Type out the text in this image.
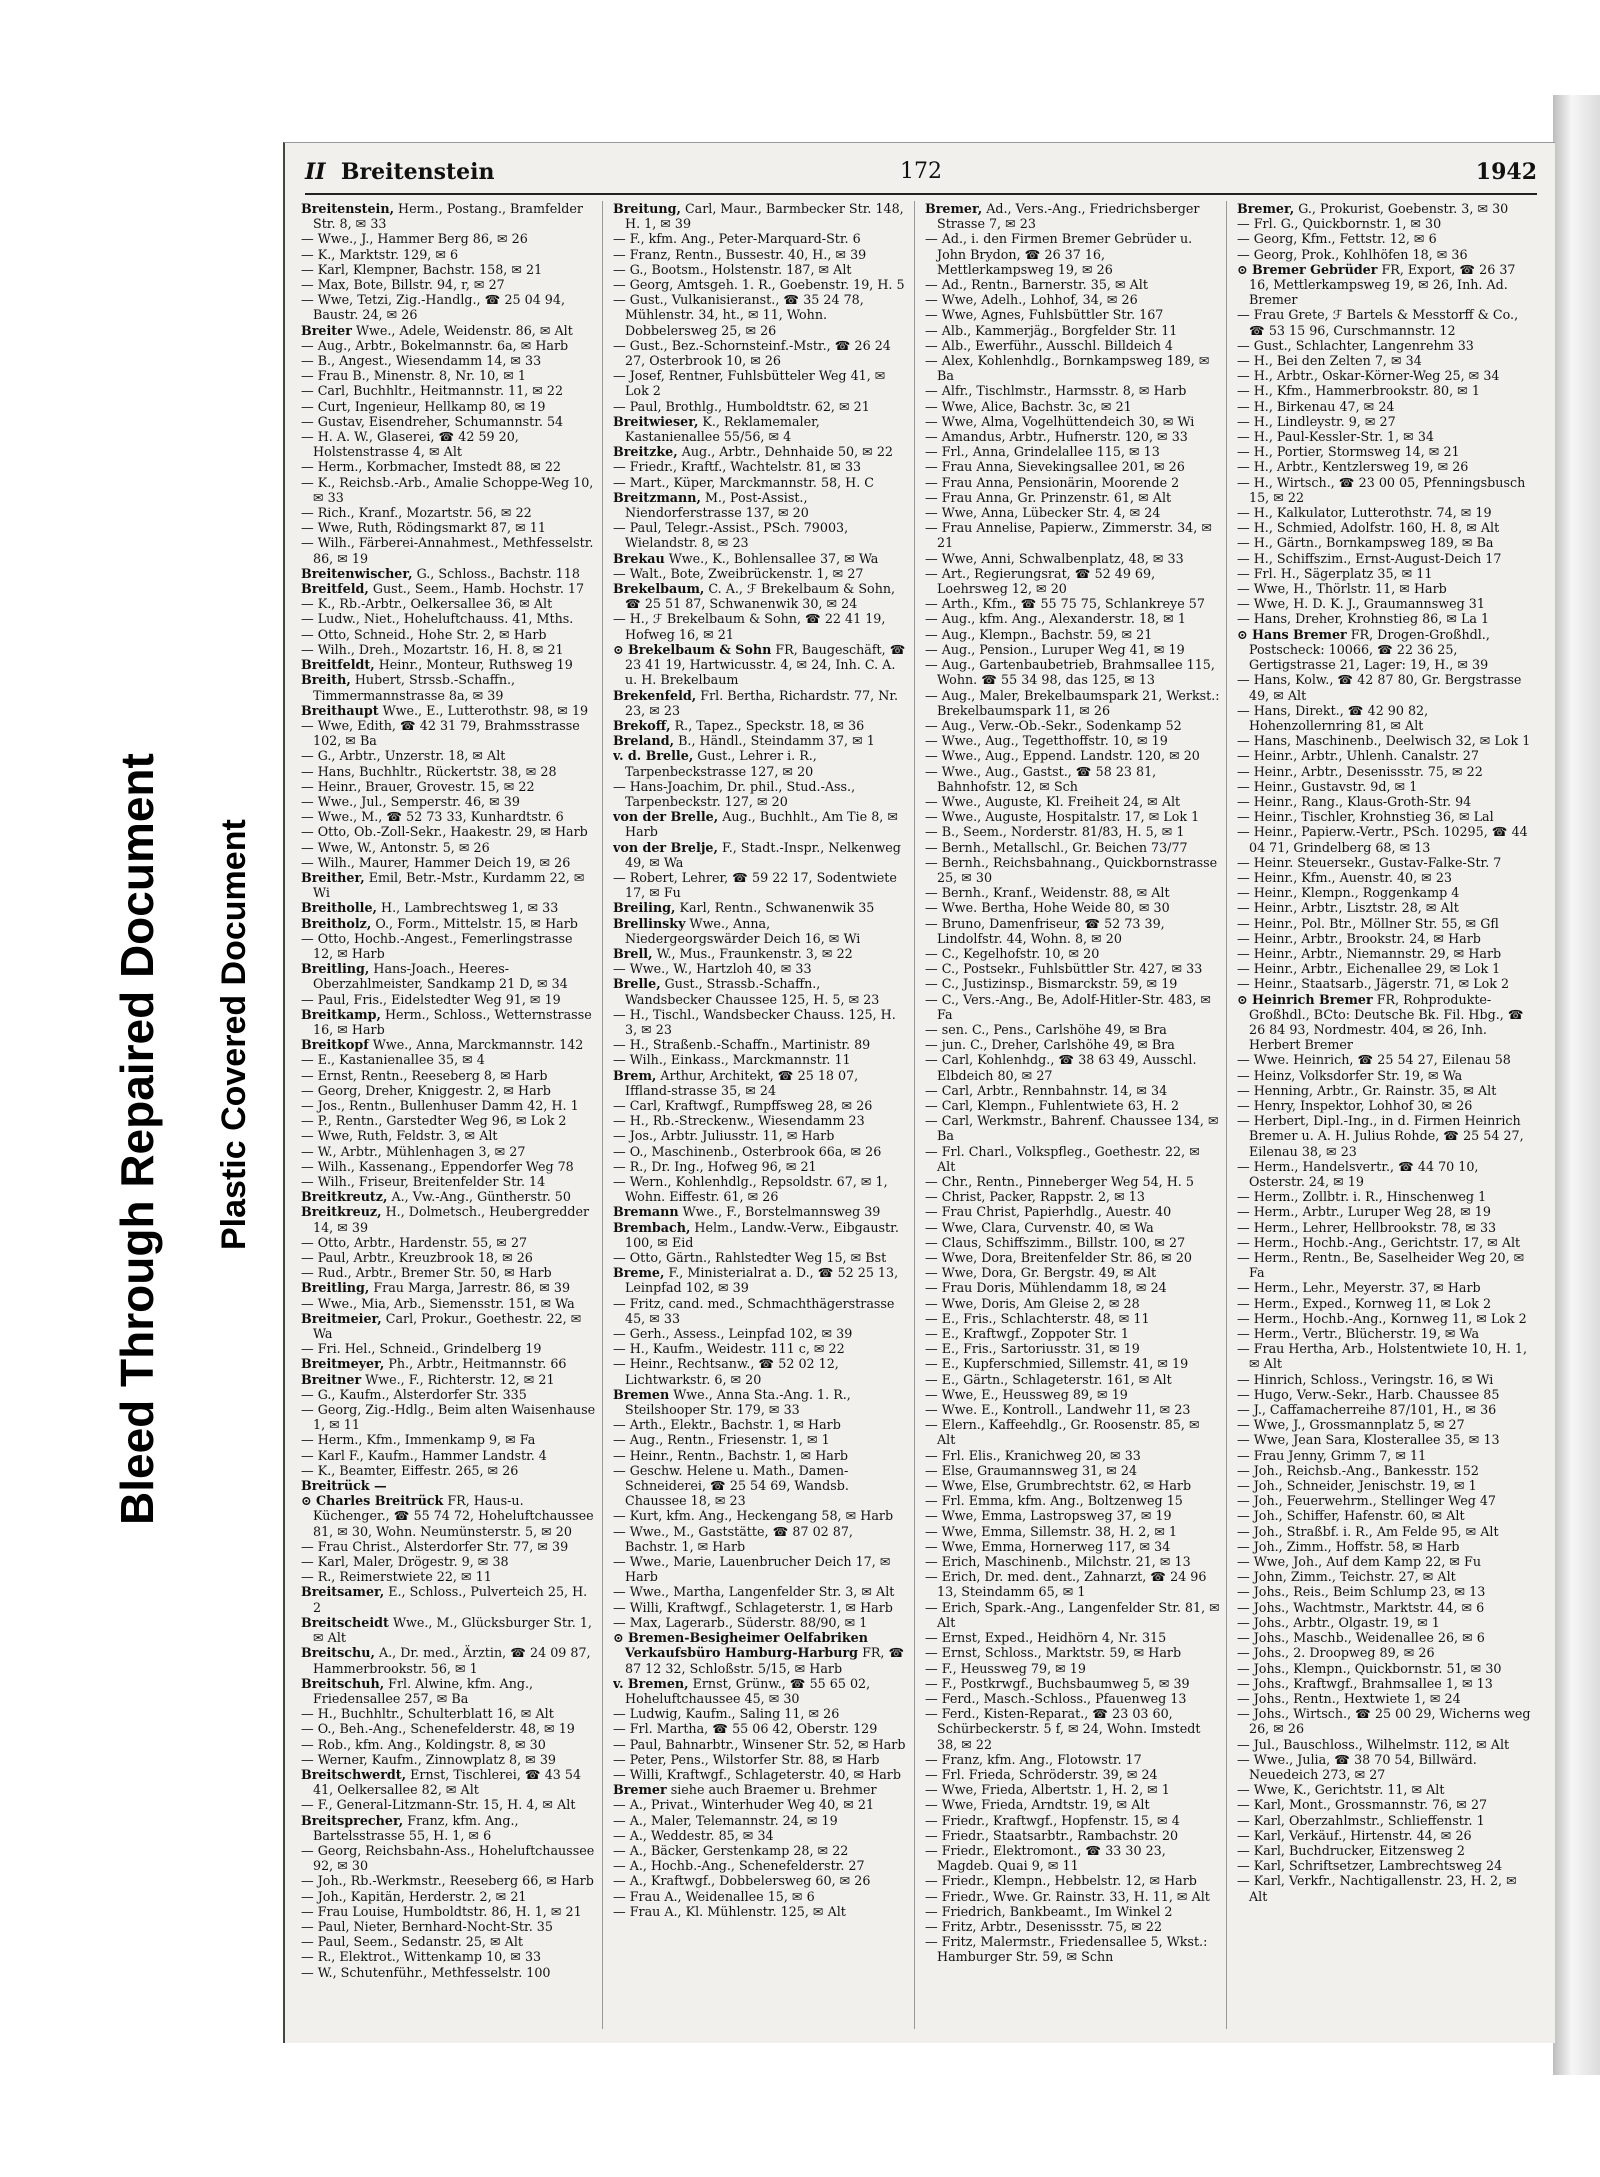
Bleed Through Repaired Document Plastic Covered Document
II Breitenstein	172	1942

Breitenstein, Herm., Postang., Bramfelder Str. 8, ✉ 33

— Wwe., J., Hammer Berg 86, ✉ 26

— K., Marktstr. 129, ✉ 6

— Karl, Klempner, Bachstr. 158, ✉ 21

— Max, Bote, Billstr. 94, r, ✉ 27

— Wwe, Tetzi, Zig.-Handlg., ☎ 25 04 94, Baustr. 24, ✉ 26

Breiter Wwe., Adele, Weidenstr. 86, ✉ Alt

— Aug., Arbtr., Bokelmannstr. 6a, ✉ Harb

— B., Angest., Wiesendamm 14, ✉ 33

— Frau B., Minenstr. 8, Nr. 10, ✉ 1

— Carl, Buchhltr., Heitmannstr. 11, ✉ 22

— Curt, Ingenieur, Hellkamp 80, ✉ 19

— Gustav, Eisendreher, Schumannstr. 54

— H. A. W., Glaserei, ☎ 42 59 20, Holstenstrasse 4, ✉ Alt

— Herm., Korbmacher, Imstedt 88, ✉ 22

— K., Reichsb.-Arb., Amalie Schoppe-Weg 10, ✉ 33

— Rich., Kranf., Mozartstr. 56, ✉ 22

— Wwe, Ruth, Rödingsmarkt 87, ✉ 11

— Wilh., Färberei-Annahmest., Methfesselstr. 86, ✉ 19

Breitenwischer, G., Schloss., Bachstr. 118

Breitfeld, Gust., Seem., Hamb. Hochstr. 17

— K., Rb.-Arbtr., Oelkersallee 36, ✉ Alt

— Ludw., Niet., Hoheluftchauss. 41, Mths.

— Otto, Schneid., Hohe Str. 2, ✉ Harb

— Wilh., Dreh., Mozartstr. 16, H. 8, ✉ 21

Breitfeldt, Heinr., Monteur, Ruthsweg 19

Breith, Hubert, Strssb.-Schaffn., Timmermannstrasse 8a, ✉ 39

Breithaupt Wwe., E., Lutterothstr. 98, ✉ 19

— Wwe, Edith, ☎ 42 31 79, Brahmsstrasse 102, ✉ Ba

— G., Arbtr., Unzerstr. 18, ✉ Alt

— Hans, Buchhltr., Rückertstr. 38, ✉ 28

— Heinr., Brauer, Grovestr. 15, ✉ 22

— Wwe., Jul., Semperstr. 46, ✉ 39

— Wwe., M., ☎ 52 73 33, Kunhardtstr. 6

— Otto, Ob.-Zoll-Sekr., Haakestr. 29, ✉ Harb

— Wwe, W., Antonstr. 5, ✉ 26

— Wilh., Maurer, Hammer Deich 19, ✉ 26

Breither, Emil, Betr.-Mstr., Kurdamm 22, ✉ Wi

Breitholle, H., Lambrechtsweg 1, ✉ 33

Breitholz, O., Form., Mittelstr. 15, ✉ Harb

— Otto, Hochb.-Angest., Femerlingstrasse 12, ✉ Harb

Breitling, Hans-Joach., Heeres-Oberzahlmeister, Sandkamp 21 D, ✉ 34

— Paul, Fris., Eidelstedter Weg 91, ✉ 19

Breitkamp, Herm., Schloss., Wetternstrasse 16, ✉ Harb

Breitkopf Wwe., Anna, Marckmannstr. 142

— E., Kastanienallee 35, ✉ 4

— Ernst, Rentn., Reeseberg 8, ✉ Harb

— Georg, Dreher, Kniggestr. 2, ✉ Harb

— Jos., Rentn., Bullenhuser Damm 42, H. 1

— P., Rentn., Garstedter Weg 96, ✉ Lok 2

— Wwe, Ruth, Feldstr. 3, ✉ Alt

— W., Arbtr., Mühlenhagen 3, ✉ 27

— Wilh., Kassenang., Eppendorfer Weg 78

— Wilh., Friseur, Breitenfelder Str. 14

Breitkreutz, A., Vw.-Ang., Güntherstr. 50

Breitkreuz, H., Dolmetsch., Heubergredder 14, ✉ 39

— Otto, Arbtr., Hardenstr. 55, ✉ 27

— Paul, Arbtr., Kreuzbrook 18, ✉ 26

— Rud., Arbtr., Bremer Str. 50, ✉ Harb

Breitling, Frau Marga, Jarrestr. 86, ✉ 39

— Wwe., Mia, Arb., Siemensstr. 151, ✉ Wa

Breitmeier, Carl, Prokur., Goethestr. 22, ✉ Wa

— Fri. Hel., Schneid., Grindelberg 19

Breitmeyer, Ph., Arbtr., Heitmannstr. 66

Breitner Wwe., F., Richterstr. 12, ✉ 21

— G., Kaufm., Alsterdorfer Str. 335

— Georg, Zig.-Hdlg., Beim alten Waisenhause 1, ✉ 11

— Herm., Kfm., Immenkamp 9, ✉ Fa

— Karl F., Kaufm., Hammer Landstr. 4

— K., Beamter, Eiffestr. 265, ✉ 26

Breitrück —

⊙ Charles Breitrück FR, Haus-u. Küchenger., ☎ 55 74 72, Hoheluftchaussee 81, ✉ 30, Wohn. Neumünsterstr. 5, ✉ 20

— Frau Christ., Alsterdorfer Str. 77, ✉ 39

— Karl, Maler, Drögestr. 9, ✉ 38

— R., Reimerstwiete 22, ✉ 11

Breitsamer, E., Schloss., Pulverteich 25, H. 2

Breitscheidt Wwe., M., Glücksburger Str. 1, ✉ Alt

Breitschu, A., Dr. med., Ärztin, ☎ 24 09 87, Hammerbrookstr. 56, ✉ 1

Breitschuh, Frl. Alwine, kfm. Ang., Friedensallee 257, ✉ Ba

— H., Buchhltr., Schulterblatt 16, ✉ Alt

— O., Beh.-Ang., Schenefelderstr. 48, ✉ 19

— Rob., kfm. Ang., Koldingstr. 8, ✉ 30

— Werner, Kaufm., Zinnowplatz 8, ✉ 39

Breitschwerdt, Ernst, Tischlerei, ☎ 43 54 41, Oelkersallee 82, ✉ Alt

— F., General-Litzmann-Str. 15, H. 4, ✉ Alt

Breitsprecher, Franz, kfm. Ang., Bartelsstrasse 55, H. 1, ✉ 6

— Georg, Reichsbahn-Ass., Hoheluftchaussee 92, ✉ 30

— Joh., Rb.-Werkmstr., Reeseberg 66, ✉ Harb

— Joh., Kapitän, Herderstr. 2, ✉ 21

— Frau Louise, Humboldtstr. 86, H. 1, ✉ 21

— Paul, Nieter, Bernhard-Nocht-Str. 35

— Paul, Seem., Sedanstr. 25, ✉ Alt

— R., Elektrot., Wittenkamp 10, ✉ 33

— W., Schutenführ., Methfesselstr. 100

Breitung, Carl, Maur., Barmbecker Str. 148, H. 1, ✉ 39

— F., kfm. Ang., Peter-Marquard-Str. 6

— Franz, Rentn., Bussestr. 40, H., ✉ 39

— G., Bootsm., Holstenstr. 187, ✉ Alt

— Georg, Amtsgeh. 1. R., Goebenstr. 19, H. 5

— Gust., Vulkanisieranst., ☎ 35 24 78, Mühlenstr. 34, ht., ✉ 11, Wohn. Dobbelersweg 25, ✉ 26

— Gust., Bez.-Schornsteinf.-Mstr., ☎ 26 24 27, Osterbrook 10, ✉ 26

— Josef, Rentner, Fuhlsbütteler Weg 41, ✉ Lok 2

— Paul, Brothlg., Humboldtstr. 62, ✉ 21

Breitwieser, K., Reklamemaler, Kastanienallee 55/56, ✉ 4

Breitzke, Aug., Arbtr., Dehnhaide 50, ✉ 22

— Friedr., Kraftf., Wachtelstr. 81, ✉ 33

— Mart., Küper, Marckmannstr. 58, H. C

Breitzmann, M., Post-Assist., Niendorferstrasse 137, ✉ 20

— Paul, Telegr.-Assist., PSch. 79003, Wielandstr. 8, ✉ 23

Brekau Wwe., K., Bohlensallee 37, ✉ Wa

— Walt., Bote, Zweibrückenstr. 1, ✉ 27

Brekelbaum, C. A., ℱ Brekelbaum & Sohn, ☎ 25 51 87, Schwanenwik 30, ✉ 24

— H., ℱ Brekelbaum & Sohn, ☎ 22 41 19, Hofweg 16, ✉ 21

⊙ Brekelbaum & Sohn FR, Baugeschäft, ☎ 23 41 19, Hartwicusstr. 4, ✉ 24, Inh. C. A. u. H. Brekelbaum

Brekenfeld, Frl. Bertha, Richardstr. 77, Nr. 23, ✉ 23

Brekoff, R., Tapez., Speckstr. 18, ✉ 36

Breland, B., Händl., Steindamm 37, ✉ 1

v. d. Brelle, Gust., Lehrer i. R., Tarpenbeckstrasse 127, ✉ 20

— Hans-Joachim, Dr. phil., Stud.-Ass., Tarpenbeckstr. 127, ✉ 20

von der Brelle, Aug., Buchhlt., Am Tie 8, ✉ Harb

von der Brelje, F., Stadt.-Inspr., Nelkenweg 49, ✉ Wa

— Robert, Lehrer, ☎ 59 22 17, Sodentwiete 17, ✉ Fu

Breiling, Karl, Rentn., Schwanenwik 35

Brellinsky Wwe., Anna, Niedergeorgswärder Deich 16, ✉ Wi

Brell, W., Mus., Fraunkenstr. 3, ✉ 22

— Wwe., W., Hartzloh 40, ✉ 33

Brelle, Gust., Strassb.-Schaffn., Wandsbecker Chaussee 125, H. 5, ✉ 23

— H., Tischl., Wandsbecker Chauss. 125, H. 3, ✉ 23

— H., Straßenb.-Schaffn., Martinistr. 89

— Wilh., Einkass., Marckmannstr. 11

Brem, Arthur, Architekt, ☎ 25 18 07, Iffland-strasse 35, ✉ 24

— Carl, Kraftwgf., Rumpffsweg 28, ✉ 26

— H., Rb.-Streckenw., Wiesendamm 23

— Jos., Arbtr. Juliusstr. 11, ✉ Harb

— O., Maschinenb., Osterbrook 66a, ✉ 26

— R., Dr. Ing., Hofweg 96, ✉ 21

— Wern., Kohlenhdlg., Repsoldstr. 67, ✉ 1, Wohn. Eiffestr. 61, ✉ 26

Bremann Wwe., F., Borstelmannsweg 39

Brembach, Helm., Landw.-Verw., Eibgaustr. 100, ✉ Eid

— Otto, Gärtn., Rahlstedter Weg 15, ✉ Bst

Breme, F., Ministerialrat a. D., ☎ 52 25 13, Leinpfad 102, ✉ 39

— Fritz, cand. med., Schmachthägerstrasse 45, ✉ 33

— Gerh., Assess., Leinpfad 102, ✉ 39

— H., Kaufm., Weidestr. 111 c, ✉ 22

— Heinr., Rechtsanw., ☎ 52 02 12, Lichtwarkstr. 6, ✉ 20

Bremen Wwe., Anna Sta.-Ang. 1. R., Steilshooper Str. 179, ✉ 33

— Arth., Elektr., Bachstr. 1, ✉ Harb

— Aug., Rentn., Friesenstr. 1, ✉ 1

— Heinr., Rentn., Bachstr. 1, ✉ Harb

— Geschw. Helene u. Math., Damen-Schneiderei, ☎ 25 54 69, Wandsb. Chaussee 18, ✉ 23

— Kurt, kfm. Ang., Heckengang 58, ✉ Harb

— Wwe., M., Gaststätte, ☎ 87 02 87, Bachstr. 1, ✉ Harb

— Wwe., Marie, Lauenbrucher Deich 17, ✉ Harb

— Wwe., Martha, Langenfelder Str. 3, ✉ Alt

— Willi, Kraftwgf., Schlageterstr. 1, ✉ Harb

— Max, Lagerarb., Süderstr. 88/90, ✉ 1

⊙ Bremen-Besigheimer Oelfabriken Verkaufsbüro Hamburg-Harburg FR, ☎ 87 12 32, Schloßstr. 5/15, ✉ Harb

v. Bremen, Ernst, Grünw., ☎ 55 65 02, Hoheluftchaussee 45, ✉ 30

— Ludwig, Kaufm., Saling 11, ✉ 26

— Frl. Martha, ☎ 55 06 42, Oberstr. 129

— Paul, Bahnarbtr., Winsener Str. 52, ✉ Harb

— Peter, Pens., Wilstorfer Str. 88, ✉ Harb

— Willi, Kraftwgf., Schlageterstr. 40, ✉ Harb

Bremer siehe auch Braemer u. Brehmer

— A., Privat., Winterhuder Weg 40, ✉ 21

— A., Maler, Telemannstr. 24, ✉ 19

— A., Weddestr. 85, ✉ 34

— A., Bäcker, Gerstenkamp 28, ✉ 22

— A., Hochb.-Ang., Schenefelderstr. 27

— A., Kraftwgf., Dobbelersweg 60, ✉ 26

— Frau A., Weidenallee 15, ✉ 6

— Frau A., Kl. Mühlenstr. 125, ✉ Alt

Bremer, Ad., Vers.-Ang., Friedrichsberger Strasse 7, ✉ 23

— Ad., i. den Firmen Bremer Gebrüder u. John Brydon, ☎ 26 37 16, Mettlerkampsweg 19, ✉ 26

— Ad., Rentn., Barnerstr. 35, ✉ Alt

— Wwe, Adelh., Lohhof, 34, ✉ 26

— Wwe, Agnes, Fuhlsbüttler Str. 167

— Alb., Kammerjäg., Borgfelder Str. 11

— Alb., Ewerführ., Ausschl. Billdeich 4

— Alex, Kohlenhdlg., Bornkampsweg 189, ✉ Ba

— Alfr., Tischlmstr., Harmsstr. 8, ✉ Harb

— Wwe, Alice, Bachstr. 3c, ✉ 21

— Wwe, Alma, Vogelhüttendeich 30, ✉ Wi

— Amandus, Arbtr., Hufnerstr. 120, ✉ 33

— Frl., Anna, Grindelallee 115, ✉ 13

— Frau Anna, Sievekingsallee 201, ✉ 26

— Frau Anna, Pensionärin, Moorende 2

— Frau Anna, Gr. Prinzenstr. 61, ✉ Alt

— Wwe, Anna, Lübecker Str. 4, ✉ 24

— Frau Annelise, Papierw., Zimmerstr. 34, ✉ 21

— Wwe, Anni, Schwalbenplatz, 48, ✉ 33

— Art., Regierungsrat, ☎ 52 49 69, Loehrsweg 12, ✉ 20

— Arth., Kfm., ☎ 55 75 75, Schlankreye 57

— Aug., kfm. Ang., Alexanderstr. 18, ✉ 1

— Aug., Klempn., Bachstr. 59, ✉ 21

— Aug., Pension., Luruper Weg 41, ✉ 19

— Aug., Gartenbaubetrieb, Brahmsallee 115, Wohn. ☎ 55 34 98, das 125, ✉ 13

— Aug., Maler, Brekelbaumspark 21, Werkst.: Brekelbaumspark 11, ✉ 26

— Aug., Verw.-Ob.-Sekr., Sodenkamp 52

— Wwe., Aug., Tegetthoffstr. 10, ✉ 19

— Wwe., Aug., Eppend. Landstr. 120, ✉ 20

— Wwe., Aug., Gastst., ☎ 58 23 81, Bahnhofstr. 12, ✉ Sch

— Wwe., Auguste, Kl. Freiheit 24, ✉ Alt

— Wwe., Auguste, Hospitalstr. 17, ✉ Lok 1

— B., Seem., Norderstr. 81/83, H. 5, ✉ 1

— Bernh., Metallschl., Gr. Beichen 73/77

— Bernh., Reichsbahnang., Quickbornstrasse 25, ✉ 30

— Bernh., Kranf., Weidenstr. 88, ✉ Alt

— Wwe. Bertha, Hohe Weide 80, ✉ 30

— Bruno, Damenfriseur, ☎ 52 73 39, Lindolfstr. 44, Wohn. 8, ✉ 20

— C., Kegelhofstr. 10, ✉ 20

— C., Postsekr., Fuhlsbüttler Str. 427, ✉ 33

— C., Justizinsp., Bismarckstr. 59, ✉ 19

— C., Vers.-Ang., Be, Adolf-Hitler-Str. 483, ✉ Fa

— sen. C., Pens., Carlshöhe 49, ✉ Bra

— jun. C., Dreher, Carlshöhe 49, ✉ Bra

— Carl, Kohlenhdg., ☎ 38 63 49, Ausschl. Elbdeich 80, ✉ 27

— Carl, Arbtr., Rennbahnstr. 14, ✉ 34

— Carl, Klempn., Fuhlentwiete 63, H. 2

— Carl, Werkmstr., Bahrenf. Chaussee 134, ✉ Ba

— Frl. Charl., Volkspfleg., Goethestr. 22, ✉ Alt

— Chr., Rentn., Pinneberger Weg 54, H. 5

— Christ, Packer, Rappstr. 2, ✉ 13

— Frau Christ, Papierhdlg., Auestr. 40

— Wwe, Clara, Curvenstr. 40, ✉ Wa

— Claus, Schiffszimm., Billstr. 100, ✉ 27

— Wwe, Dora, Breitenfelder Str. 86, ✉ 20

— Wwe, Dora, Gr. Bergstr. 49, ✉ Alt

— Frau Doris, Mühlendamm 18, ✉ 24

— Wwe, Doris, Am Gleise 2, ✉ 28

— E., Fris., Schlachterstr. 48, ✉ 11

— E., Kraftwgf., Zoppoter Str. 1

— E., Fris., Sartoriusstr. 31, ✉ 19

— E., Kupferschmied, Sillemstr. 41, ✉ 19

— E., Gärtn., Schlageterstr. 161, ✉ Alt

— Wwe, E., Heussweg 89, ✉ 19

— Wwe. E., Kontroll., Landwehr 11, ✉ 23

— Elern., Kaffeehdlg., Gr. Roosenstr. 85, ✉ Alt

— Frl. Elis., Kranichweg 20, ✉ 33

— Else, Graumannsweg 31, ✉ 24

— Wwe, Else, Grumbrechtstr. 62, ✉ Harb

— Frl. Emma, kfm. Ang., Boltzenweg 15

— Wwe, Emma, Lastropsweg 37, ✉ 19

— Wwe, Emma, Sillemstr. 38, H. 2, ✉ 1

— Wwe, Emma, Hornerweg 117, ✉ 34

— Erich, Maschinenb., Milchstr. 21, ✉ 13

— Erich, Dr. med. dent., Zahnarzt, ☎ 24 96 13, Steindamm 65, ✉ 1

— Erich, Spark.-Ang., Langenfelder Str. 81, ✉ Alt

— Ernst, Exped., Heidhörn 4, Nr. 315

— Ernst, Schloss., Marktstr. 59, ✉ Harb

— F., Heussweg 79, ✉ 19

— F., Postkrwgf., Buchsbaumweg 5, ✉ 39

— Ferd., Masch.-Schloss., Pfauenweg 13

— Ferd., Kisten-Reparat., ☎ 23 03 60, Schürbeckerstr. 5 f, ✉ 24, Wohn. Imstedt 38, ✉ 22

— Franz, kfm. Ang., Flotowstr. 17

— Frl. Frieda, Schröderstr. 39, ✉ 24

— Wwe, Frieda, Albertstr. 1, H. 2, ✉ 1

— Wwe, Frieda, Arndtstr. 19, ✉ Alt

— Friedr., Kraftwgf., Hopfenstr. 15, ✉ 4

— Friedr., Staatsarbtr., Rambachstr. 20

— Friedr., Elektromont., ☎ 33 30 23, Magdeb. Quai 9, ✉ 11

— Friedr., Klempn., Hebbelstr. 12, ✉ Harb

— Friedr., Wwe. Gr. Rainstr. 33, H. 11, ✉ Alt

— Friedrich, Bankbeamt., Im Winkel 2

— Fritz, Arbtr., Desenissstr. 75, ✉ 22

— Fritz, Malermstr., Friedensallee 5, Wkst.: Hamburger Str. 59, ✉ Schn

Bremer, G., Prokurist, Goebenstr. 3, ✉ 30

— Frl. G., Quickbornstr. 1, ✉ 30

— Georg, Kfm., Fettstr. 12, ✉ 6

— Georg, Prok., Kohlhöfen 18, ✉ 36

⊙ Bremer Gebrüder FR, Export, ☎ 26 37 16, Mettlerkampsweg 19, ✉ 26, Inh. Ad. Bremer

— Frau Grete, ℱ Bartels & Messtorff & Co., ☎ 53 15 96, Curschmannstr. 12

— Gust., Schlachter, Langenrehm 33

— H., Bei den Zelten 7, ✉ 34

— H., Arbtr., Oskar-Körner-Weg 25, ✉ 34

— H., Kfm., Hammerbrookstr. 80, ✉ 1

— H., Birkenau 47, ✉ 24

— H., Lindleystr. 9, ✉ 27

— H., Paul-Kessler-Str. 1, ✉ 34

— H., Portier, Stormsweg 14, ✉ 21

— H., Arbtr., Kentzlersweg 19, ✉ 26

— H., Wirtsch., ☎ 23 00 05, Pfenningsbusch 15, ✉ 22

— H., Kalkulator, Lutterothstr. 74, ✉ 19

— H., Schmied, Adolfstr. 160, H. 8, ✉ Alt

— H., Gärtn., Bornkampsweg 189, ✉ Ba

— H., Schiffszim., Ernst-August-Deich 17

— Frl. H., Sägerplatz 35, ✉ 11

— Wwe, H., Thörlstr. 11, ✉ Harb

— Wwe, H. D. K. J., Graumannsweg 31

— Hans, Dreher, Krohnstieg 86, ✉ La 1

⊙ Hans Bremer FR, Drogen-Großhdl., Postscheck: 10066, ☎ 22 36 25, Gertigstrasse 21, Lager: 19, H., ✉ 39

— Hans, Kolw., ☎ 42 87 80, Gr. Bergstrasse 49, ✉ Alt

— Hans, Direkt., ☎ 42 90 82, Hohenzollernring 81, ✉ Alt

— Hans, Maschinenb., Deelwisch 32, ✉ Lok 1

— Heinr., Arbtr., Uhlenh. Canalstr. 27

— Heinr., Arbtr., Desenissstr. 75, ✉ 22

— Heinr., Gustavstr. 9d, ✉ 1

— Heinr., Rang., Klaus-Groth-Str. 94

— Heinr., Tischler, Krohnstieg 36, ✉ Lal

— Heinr., Papierw.-Vertr., PSch. 10295, ☎ 44 04 71, Grindelberg 68, ✉ 13

— Heinr. Steuersekr., Gustav-Falke-Str. 7

— Heinr., Kfm., Auenstr. 40, ✉ 23

— Heinr., Klempn., Roggenkamp 4

— Heinr., Arbtr., Lisztstr. 28, ✉ Alt

— Heinr., Pol. Btr., Möllner Str. 55, ✉ Gfl

— Heinr., Arbtr., Brookstr. 24, ✉ Harb

— Heinr., Arbtr., Niemannstr. 29, ✉ Harb

— Heinr., Arbtr., Eichenallee 29, ✉ Lok 1

— Heinr., Staatsarb., Jägerstr. 71, ✉ Lok 2

⊙ Heinrich Bremer FR, Rohproduktе-Großhdl., BCto: Deutsche Bk. Fil. Hbg., ☎ 26 84 93, Nordmestr. 404, ✉ 26, Inh. Herbert Bremer

— Wwe. Heinrich, ☎ 25 54 27, Eilenau 58

— Heinz, Volksdorfer Str. 19, ✉ Wa

— Henning, Arbtr., Gr. Rainstr. 35, ✉ Alt

— Henry, Inspektor, Lohhof 30, ✉ 26

— Herbert, Dipl.-Ing., in d. Firmen Heinrich Bremer u. A. H. Julius Rohde, ☎ 25 54 27, Eilenau 38, ✉ 23

— Herm., Handelsvertr., ☎ 44 70 10, Osterstr. 24, ✉ 19

— Herm., Zollbtr. i. R., Hinschenweg 1

— Herm., Arbtr., Luruper Weg 28, ✉ 19

— Herm., Lehrer, Hellbrookstr. 78, ✉ 33

— Herm., Hochb.-Ang., Gerichtstr. 17, ✉ Alt

— Herm., Rentn., Be, Saselheider Weg 20, ✉ Fa

— Herm., Lehr., Meyerstr. 37, ✉ Harb

— Herm., Exped., Kornweg 11, ✉ Lok 2

— Herm., Hochb.-Ang., Kornweg 11, ✉ Lok 2

— Herm., Vertr., Blücherstr. 19, ✉ Wa

— Frau Hertha, Arb., Holstentwiete 10, H. 1, ✉ Alt

— Hinrich, Schloss., Veringstr. 16, ✉ Wi

— Hugo, Verw.-Sekr., Harb. Chaussee 85

— J., Caffamacherreihe 87/101, H., ✉ 36

— Wwe, J., Grossmannplatz 5, ✉ 27

— Wwe, Jean Sara, Klosterallee 35, ✉ 13

— Frau Jenny, Grimm 7, ✉ 11

— Joh., Reichsb.-Ang., Bankesstr. 152

— Joh., Schneider, Jenischstr. 19, ✉ 1

— Joh., Feuerwehrm., Stellinger Weg 47

— Joh., Schiffer, Hafenstr. 60, ✉ Alt

— Joh., Straßbf. i. R., Am Felde 95, ✉ Alt

— Joh., Zimm., Hoffstr. 58, ✉ Harb

— Wwe, Joh., Auf dem Kamp 22, ✉ Fu

— John, Zimm., Teichstr. 27, ✉ Alt

— Johs., Reis., Beim Schlump 23, ✉ 13

— Johs., Wachtmstr., Marktstr. 44, ✉ 6

— Johs., Arbtr., Olgastr. 19, ✉ 1

— Johs., Maschb., Weidenallee 26, ✉ 6

— Johs., 2. Droopweg 89, ✉ 26

— Johs., Klempn., Quickbornstr. 51, ✉ 30

— Johs., Kraftwgf., Brahmsallee 1, ✉ 13

— Johs., Rentn., Hextwiete 1, ✉ 24

— Johs., Wirtsch., ☎ 25 00 29, Wicherns weg 26, ✉ 26

— Jul., Bauschloss., Wilhelmstr. 112, ✉ Alt

— Wwe., Julia, ☎ 38 70 54, Billwärd. Neuedeich 273, ✉ 27

— Wwe, K., Gerichtstr. 11, ✉ Alt

— Karl, Mont., Grossmannstr. 76, ✉ 27

— Karl, Oberzahlmstr., Schlieffenstr. 1

— Karl, Verkäuf., Hirtenstr. 44, ✉ 26

— Karl, Buchdrucker, Eitzensweg 2

— Karl, Schriftsetzer, Lambrechtsweg 24

— Karl, Verkfr., Nachtigallenstr. 23, H. 2, ✉ Alt
